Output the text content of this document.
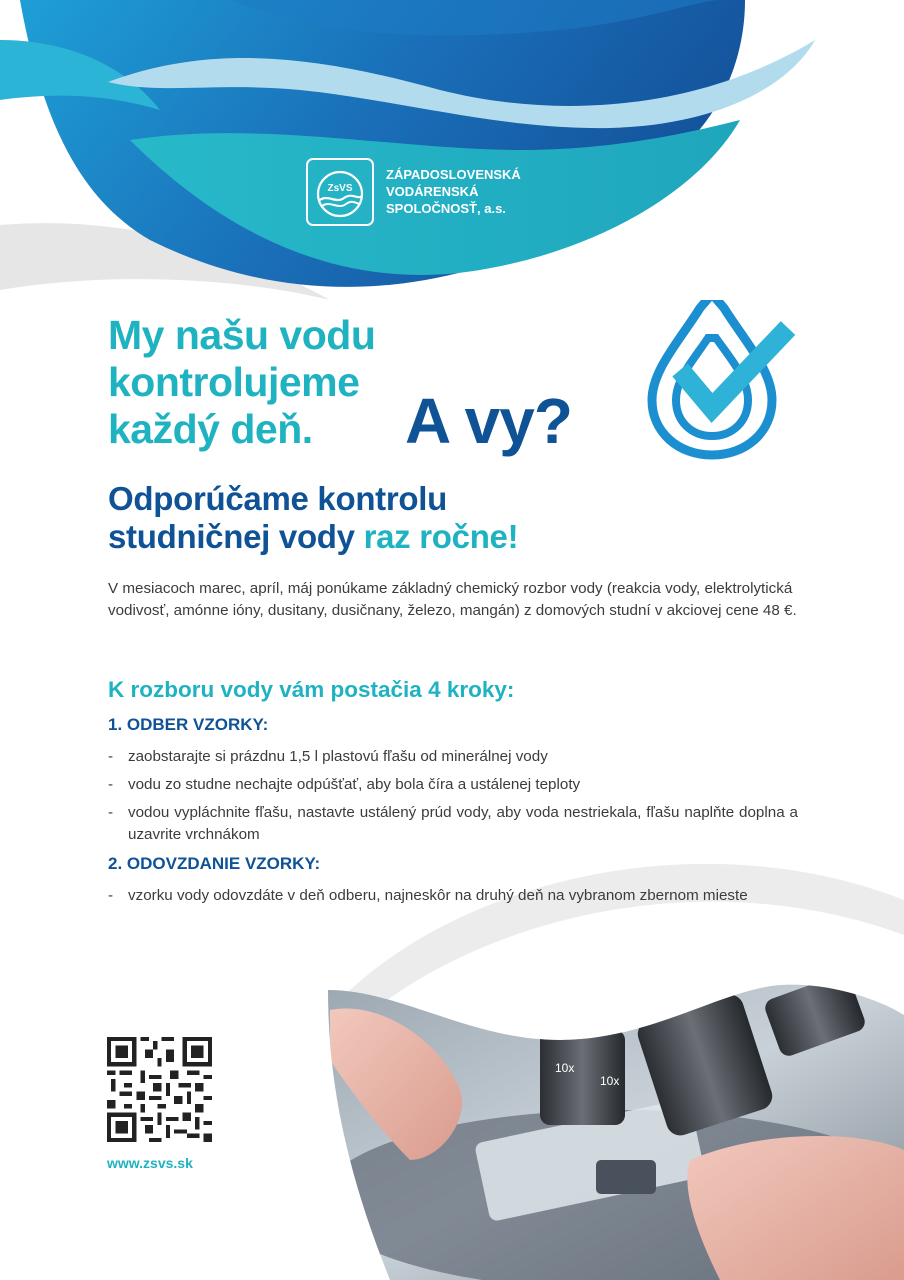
ZsVS
ZÁPADOSLOVENSKÁ
VODÁRENSKÁ
SPOLOČNOSŤ, a.s.
My našu vodu
kontrolujeme
každý deň.	A vy?
Odporúčame kontrolu
studničnej vody raz ročne!
V mesiacoch marec, apríl, máj ponúkame základný chemický rozbor vody (reakcia vody, elektrolytická vodivosť, amónne ióny, dusitany, dusičnany, železo, mangán) z domových studní v akciovej cene 48 €.
K rozboru vody vám postačia 4 kroky:
1. ODBER VZORKY:
- zaobstarajte si prázdnu 1,5 l plastovú fľašu od minerálnej vody
- vodu zo studne nechajte odpúšťať, aby bola číra a ustálenej teploty
- vodou vypláchnite fľašu, nastavte ustálený prúd vody, aby voda nestriekala, fľašu naplňte doplna a uzavrite vrchnákom
2. ODOVZDANIE VZORKY:
- vzorku vody odovzdáte v deň odberu, najneskôr na druhý deň na vybranom zbernom mieste
10x
10x
www.zsvs.sk
